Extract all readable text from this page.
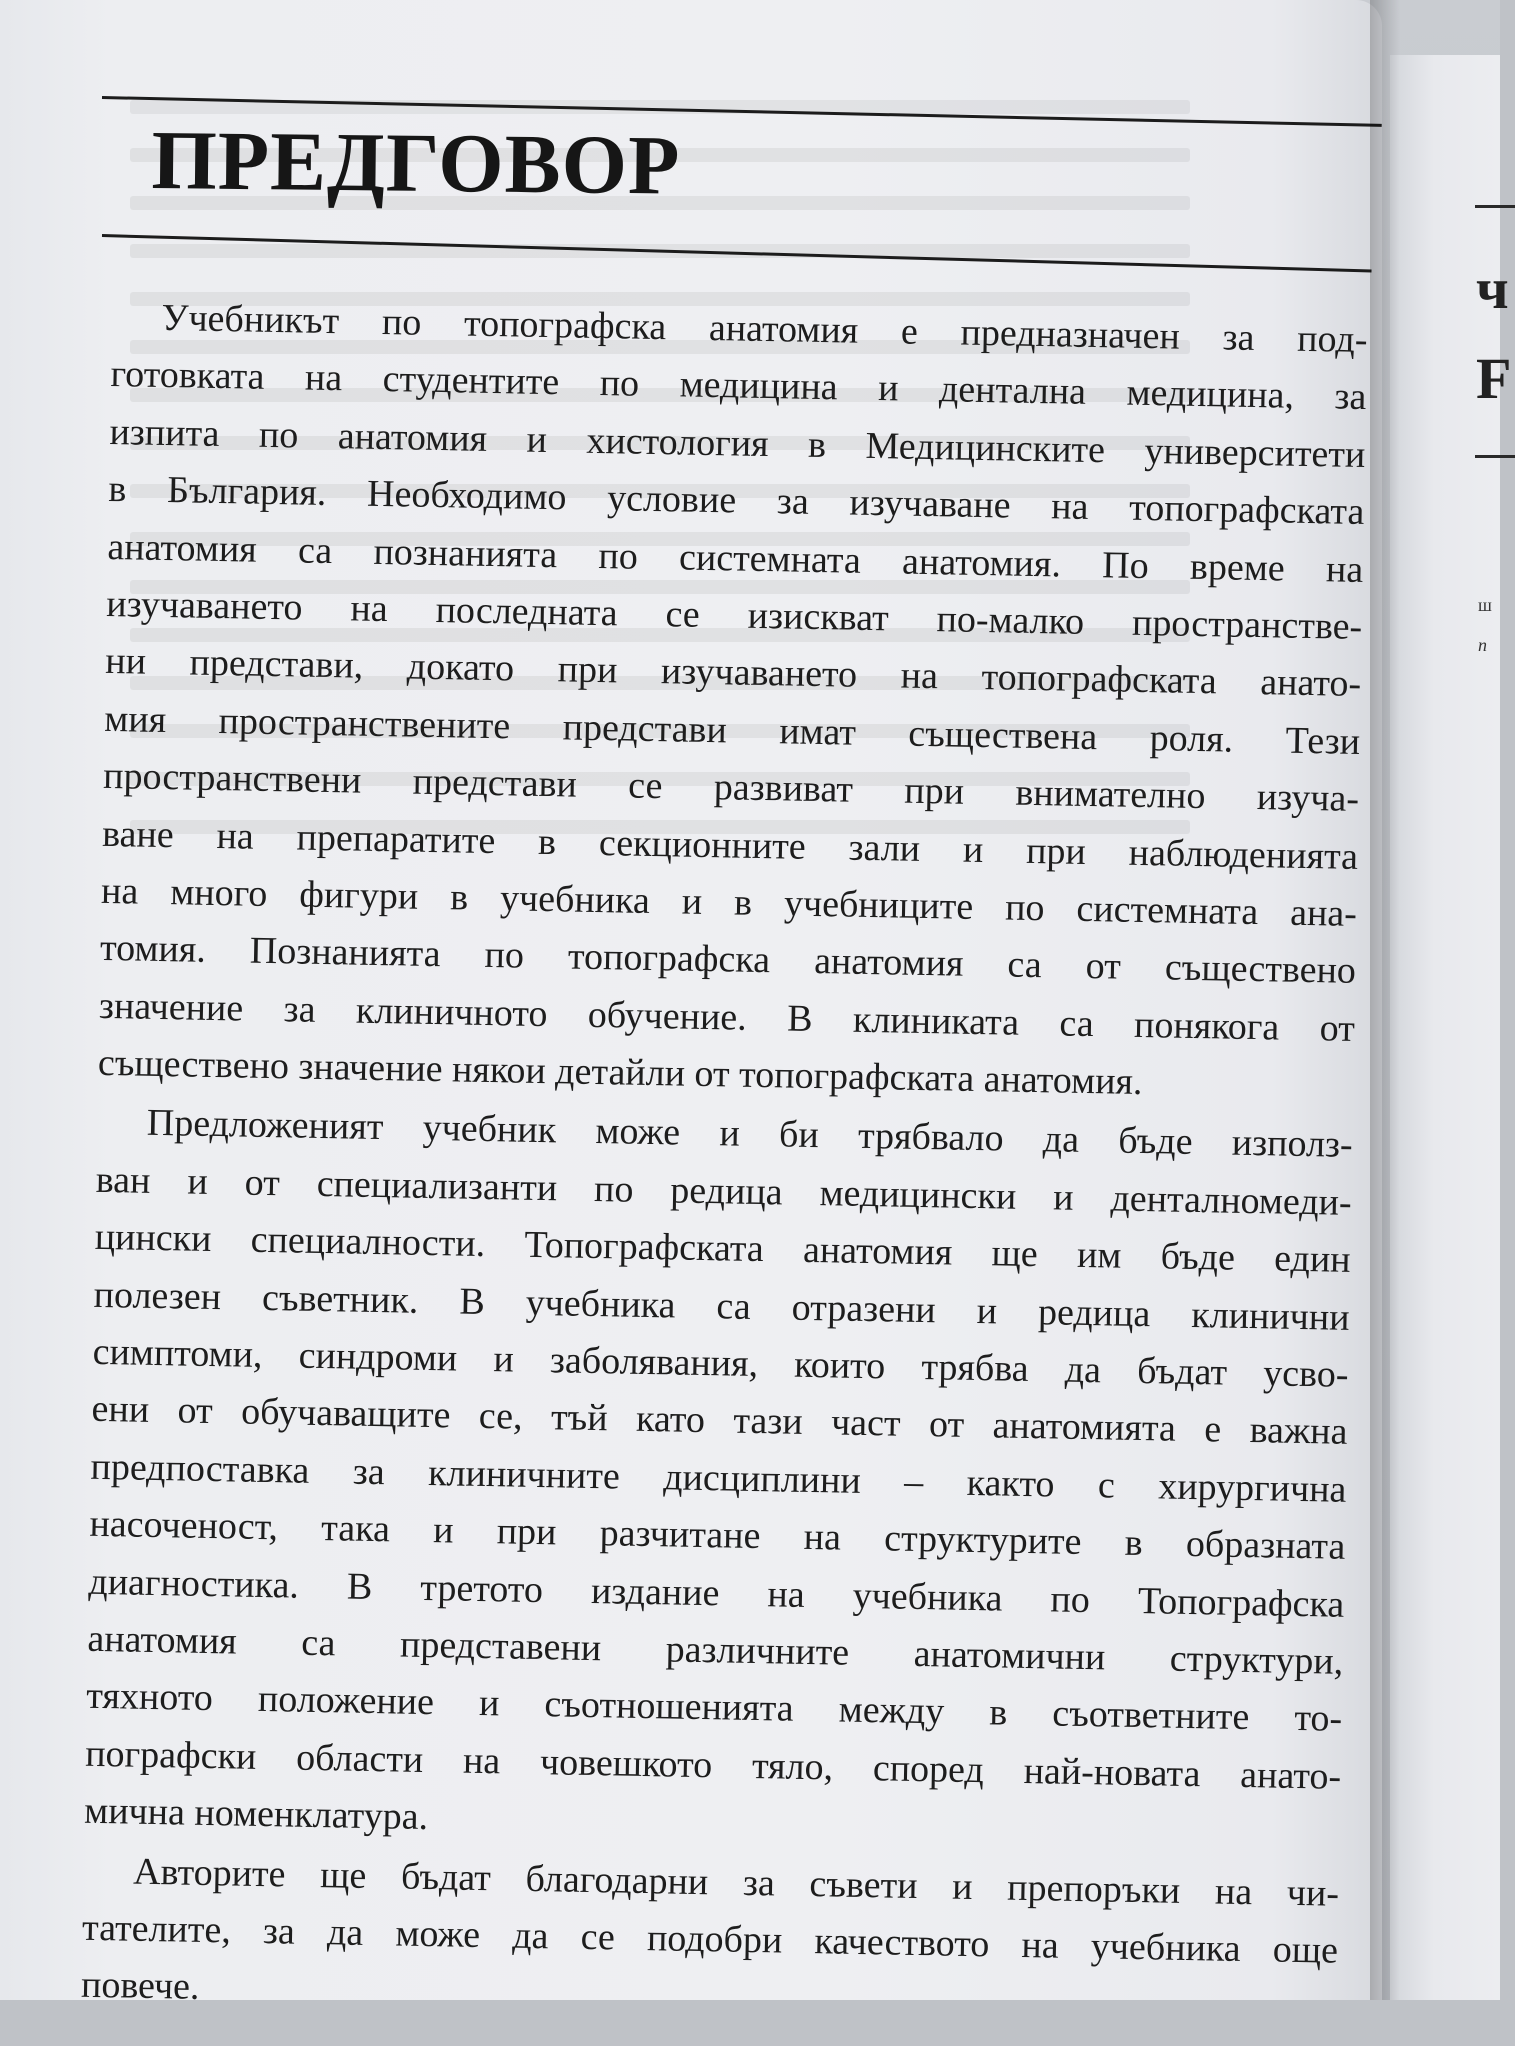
ч
F
ш
n
ПРЕДГОВОР
Учебникът по топографска анатомия е предназначен за под-
готовката на студентите по медицина и дентална медицина, за
изпита по анатомия и хистология в Медицинските университети
в България. Необходимо условие за изучаване на топографската
анатомия са познанията по системната анатомия. По време на
изучаването на последната се изискват по-малко пространстве-
ни представи, докато при изучаването на топографската анато-
мия пространствените представи имат съществена роля. Тези
пространствени представи се развиват при внимателно изуча-
ване на препаратите в секционните зали и при наблюденията
на много фигури в учебника и в учебниците по системната ана-
томия. Познанията по топографска анатомия са от съществено
значение за клиничното обучение. В клиниката са понякога от
съществено значение някои детайли от топографската анатомия.
Предложеният учебник може и би трябвало да бъде използ-
ван и от специализанти по редица медицински и денталномеди-
цински специалности. Топографската анатомия ще им бъде един
полезен съветник. В учебника са отразени и редица клинични
симптоми, синдроми и заболявания, които трябва да бъдат усво-
ени от обучаващите се, тъй като тази част от анатомията е важна
предпоставка за клиничните дисциплини – както с хирургична
насоченост, така и при разчитане на структурите в образната
диагностика. В третото издание на учебника по Топографска
анатомия са представени различните анатомични структури,
тяхното положение и съотношенията между в съответните то-
пографски области на човешкото тяло, според най-новата анато-
мична номенклатура.
Авторите ще бъдат благодарни за съвети и препоръки на чи-
тателите, за да може да се подобри качеството на учебника още
повече.
